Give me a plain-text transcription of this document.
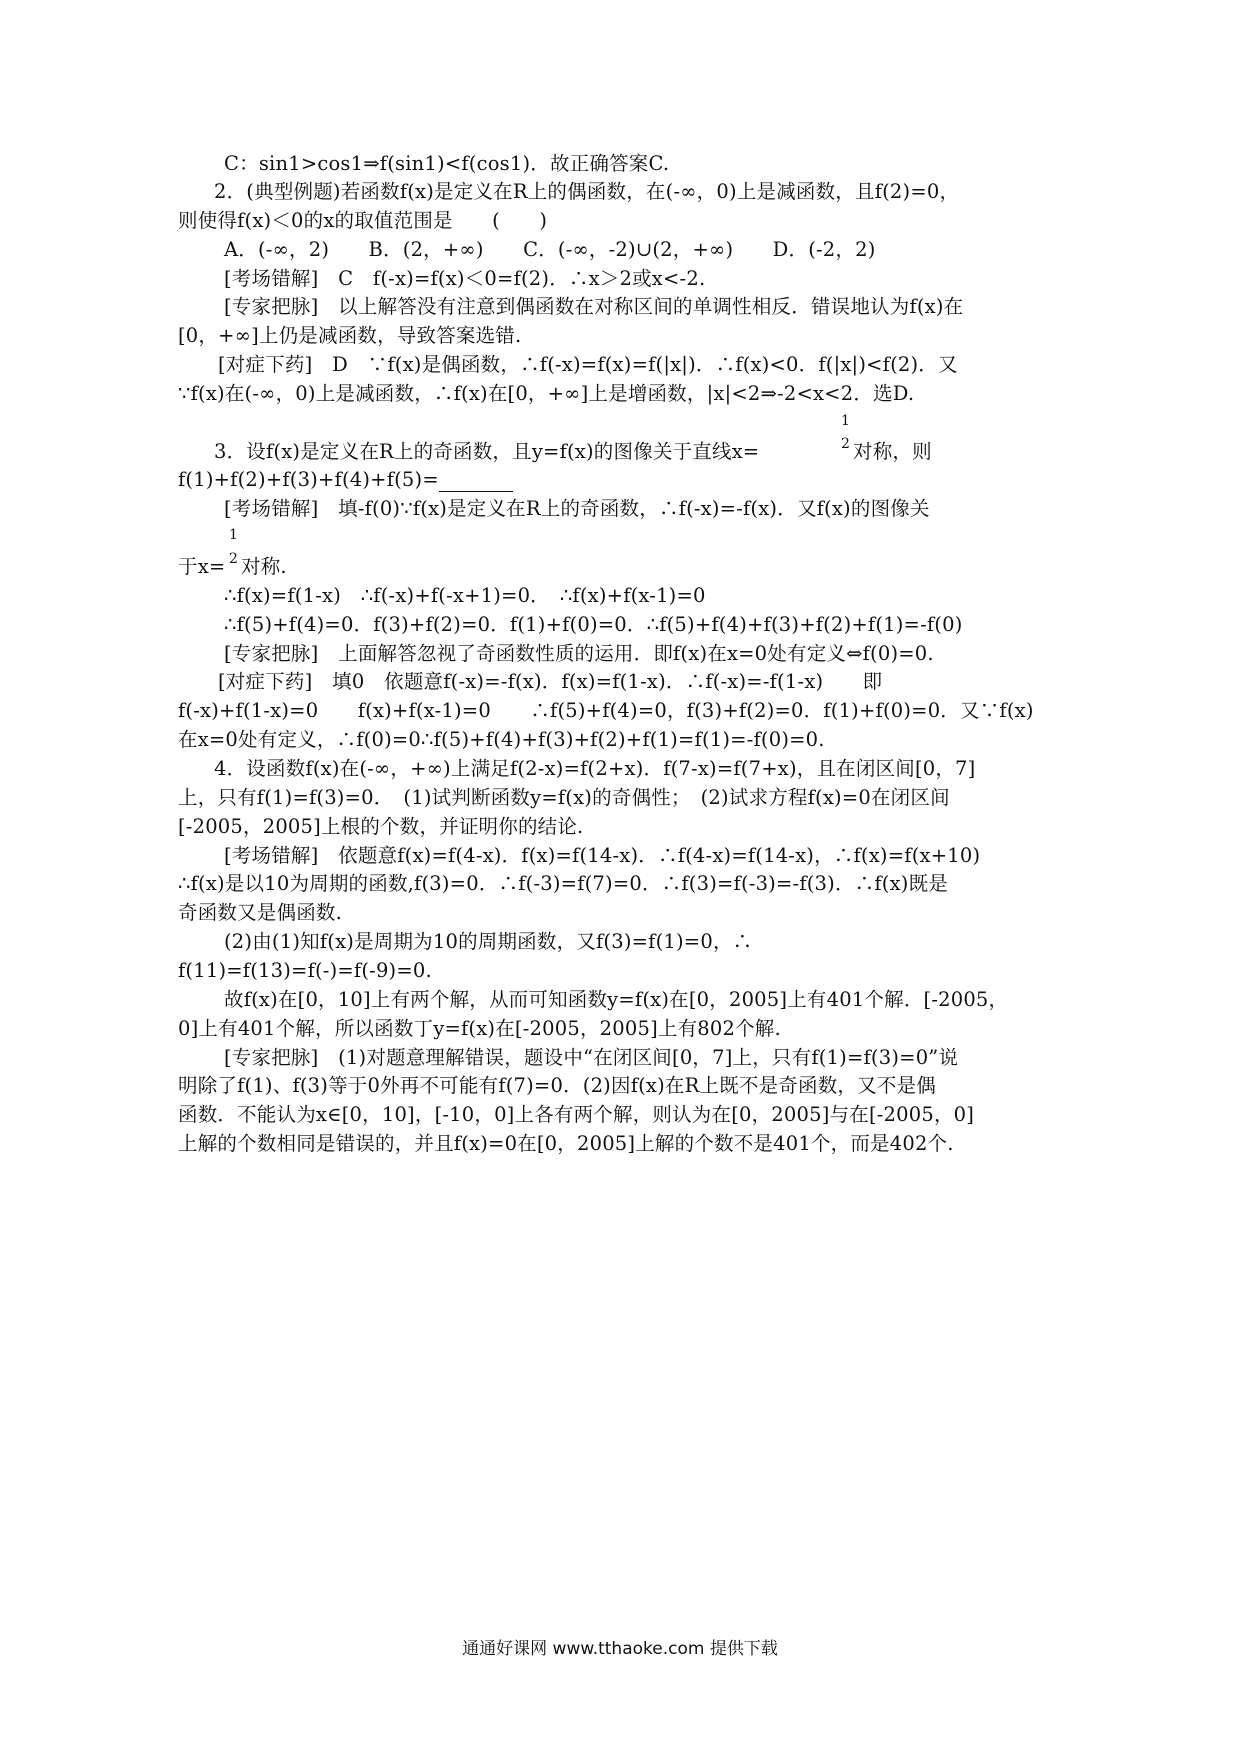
C：sin1>cos1⇒f(sin1)<f(cos1)．故正确答案C.
2．(典型例题)若函数f(x)是定义在R上的偶函数，在(-∞，0)上是减函数，且f(2)=0，
则使得f(x)＜0的x的取值范围是　　(　　)
A．(-∞，2)　　B．(2，+∞)　　C．(-∞，-2)∪(2，+∞)　　D．(-2，2)
[考场错解]　C　f(-x)=f(x)＜0=f(2)．∴x＞2或x<-2.
[专家把脉]　以上解答没有注意到偶函数在对称区间的单调性相反．错误地认为f(x)在
[0，+∞]上仍是减函数，导致答案选错.
[对症下药]　D　∵f(x)是偶函数，∴f(-x)=f(x)=f(|x|)．∴f(x)<0．f(|x|)<f(2)．又
∵f(x)在(-∞，0)上是减函数，∴f(x)在[0，+∞]上是增函数，|x|<2⇒-2<x<2．选D.
1
2
3．设f(x)是定义在R上的奇函数，且y=f(x)的图像关于直线x=	对称，则
f(1)+f(2)+f(3)+f(4)+f(5)=
[考场错解]　填-f(0)∵f(x)是定义在R上的奇函数，∴f(-x)=-f(x)．又f(x)的图像关
1
2
于x= 对称.
∴f(x)=f(1-x)　∴f(-x)+f(-x+1)=0．　∴f(x)+f(x-1)=0
∴f(5)+f(4)=0．f(3)+f(2)=0．f(1)+f(0)=0．∴f(5)+f(4)+f(3)+f(2)+f(1)=-f(0)
[专家把脉]　上面解答忽视了奇函数性质的运用．即f(x)在x=0处有定义⇔f(0)=0.
[对症下药]　填0　依题意f(-x)=-f(x)．f(x)=f(1-x)．∴f(-x)=-f(1-x)　　即
f(-x)+f(1-x)=0　　f(x)+f(x-1)=0　　∴f(5)+f(4)=0，f(3)+f(2)=0．f(1)+f(0)=0．又∵f(x)
在x=0处有定义，∴f(0)=0∴f(5)+f(4)+f(3)+f(2)+f(1)=f(1)=-f(0)=0.
4．设函数f(x)在(-∞，+∞)上满足f(2-x)=f(2+x)．f(7-x)=f(7+x)，且在闭区间[0，7]
上，只有f(1)=f(3)=0．　(1)试判断函数y=f(x)的奇偶性；　(2)试求方程f(x)=0在闭区间
[-2005，2005]上根的个数，并证明你的结论.
[考场错解]　依题意f(x)=f(4-x)．f(x)=f(14-x)．∴f(4-x)=f(14-x)，∴f(x)=f(x+10)
∴f(x)是以10为周期的函数,f(3)=0．∴f(-3)=f(7)=0．∴f(3)=f(-3)=-f(3)．∴f(x)既是
奇函数又是偶函数.
(2)由(1)知f(x)是周期为10的周期函数，又f(3)=f(1)=0，∴
f(11)=f(13)=f(-)=f(-9)=0.
故f(x)在[0，10]上有两个解，从而可知函数y=f(x)在[0，2005]上有401个解．[-2005，
0]上有401个解，所以函数丁y=f(x)在[-2005，2005]上有802个解.
[专家把脉]　(1)对题意理解错误，题设中“在闭区间[0，7]上，只有f(1)=f(3)=0”说
明除了f(1)、f(3)等于0外再不可能有f(7)=0．(2)因f(x)在R上既不是奇函数，又不是偶
函数．不能认为x∈[0，10]，[-10，0]上各有两个解，则认为在[0，2005]与在[-2005，0]
上解的个数相同是错误的，并且f(x)=0在[0，2005]上解的个数不是401个，而是402个.
通通好课网 www.tthaoke.com 提供下载
